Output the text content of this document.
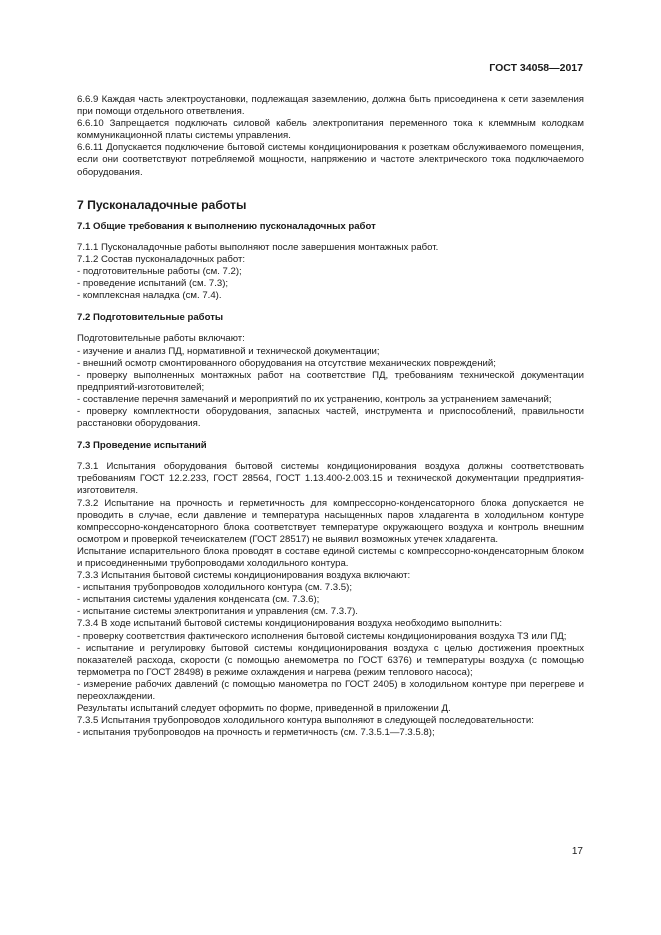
ГОСТ 34058—2017

6.6.9 Каждая часть электроустановки, подлежащая заземлению, должна быть присоединена к сети заземления при помощи отдельного ответвления.

6.6.10 Запрещается подключать силовой кабель электропитания переменного тока к клеммным колодкам коммуникационной платы системы управления.

6.6.11 Допускается подключение бытовой системы кондиционирования к розеткам обслуживаемого помещения, если они соответствуют потребляемой мощности, напряжению и частоте электрического тока подключаемого оборудования.

7 Пусконаладочные работы
7.1 Общие требования к выполнению пусконаладочных работ

7.1.1 Пусконаладочные работы выполняют после завершения монтажных работ.

7.1.2 Состав пусконаладочных работ:

- подготовительные работы (см. 7.2);

- проведение испытаний (см. 7.3);

- комплексная наладка (см. 7.4).

7.2 Подготовительные работы

Подготовительные работы включают:

- изучение и анализ ПД, нормативной и технической документации;

- внешний осмотр смонтированного оборудования на отсутствие механических повреждений;

- проверку выполненных монтажных работ на соответствие ПД, требованиям технической документации предприятий-изготовителей;

- составление перечня замечаний и мероприятий по их устранению, контроль за устранением замечаний;

- проверку комплектности оборудования, запасных частей, инструмента и приспособлений, правильности расстановки оборудования.

7.3 Проведение испытаний

7.3.1 Испытания оборудования бытовой системы кондиционирования воздуха должны соответствовать требованиям ГОСТ 12.2.233, ГОСТ 28564, ГОСТ 1.13.400-2.003.15 и технической документации предприятия-изготовителя.

7.3.2 Испытание на прочность и герметичность для компрессорно-конденсаторного блока допускается не проводить в случае, если давление и температура насыщенных паров хладагента в холодильном контуре компрессорно-конденсаторного блока соответствует температуре окружающего воздуха и контроль внешним осмотром и проверкой течеискателем (ГОСТ 28517) не выявил возможных утечек хладагента.

Испытание испарительного блока проводят в составе единой системы с компрессорно-конденсаторным блоком и присоединенными трубопроводами холодильного контура.

7.3.3 Испытания бытовой системы кондиционирования воздуха включают:

- испытания трубопроводов холодильного контура (см. 7.3.5);

- испытания системы удаления конденсата (см. 7.3.6);

- испытание системы электропитания и управления (см. 7.3.7).

7.3.4 В ходе испытаний бытовой системы кондиционирования воздуха необходимо выполнить:

- проверку соответствия фактического исполнения бытовой системы кондиционирования воздуха ТЗ или ПД;

- испытание и регулировку бытовой системы кондиционирования воздуха с целью достижения проектных показателей расхода, скорости (с помощью анемометра по ГОСТ 6376) и температуры воздуха (с помощью термометра по ГОСТ 28498) в режиме охлаждения и нагрева (режим теплового насоса);

- измерение рабочих давлений (с помощью манометра по ГОСТ 2405) в холодильном контуре при перегреве и переохлаждении.

Результаты испытаний следует оформить по форме, приведенной в приложении Д.

7.3.5 Испытания трубопроводов холодильного контура выполняют в следующей последовательности:

- испытания трубопроводов на прочность и герметичность (см. 7.3.5.1—7.3.5.8);

17
